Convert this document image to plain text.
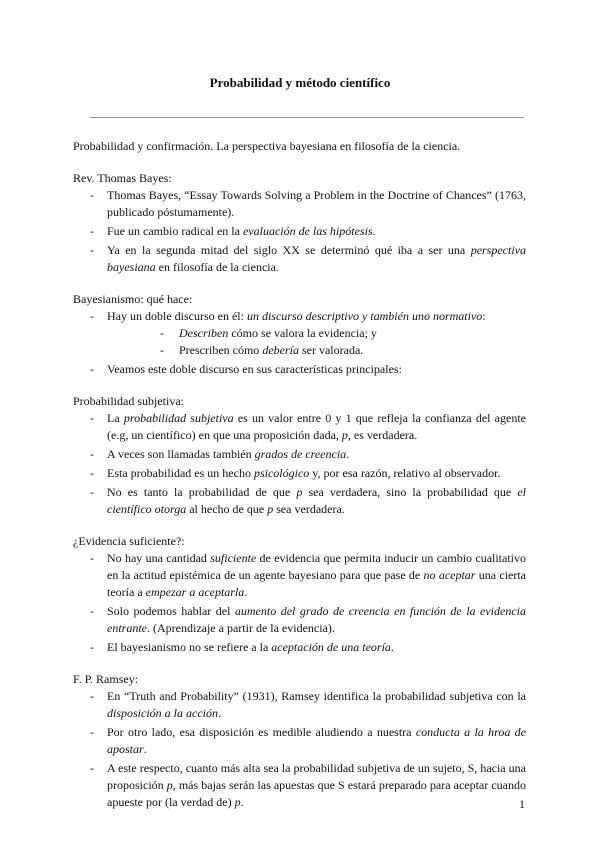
Probabilidad y método científico

Probabilidad y confirmación. La perspectiva bayesiana en filosofía de la ciencia.

Rev. Thomas Bayes:

- Thomas Bayes, “Essay Towards Solving a Problem in the Doctrine of Chances” (1763, publicado póstumamente).
- Fue un cambio radical en la evaluación de las hipótesis.
- Ya en la segunda mitad del siglo XX se determinó qué iba a ser una perspectiva bayesiana en filosofía de la ciencia.

Bayesianismo: qué hace:

- Hay un doble discurso en él: un discurso descriptivo y también uno normativo:
- Describen cómo se valora la evidencia; y
- Prescriben cómo debería ser valorada.
- Veamos este doble discurso en sus características principales:

Probabilidad subjetiva:

- La probabilidad subjetiva es un valor entre 0 y 1 que refleja la confianza del agente (e.g, un científico) en que una proposición dada, p, es verdadera.
- A veces son llamadas también grados de creencia.
- Esta probabilidad es un hecho psicológico y, por esa razón, relativo al observador.
- No es tanto la probabilidad de que p sea verdadera, sino la probabilidad que el científico otorga al hecho de que p sea verdadera.

¿Evidencia suficiente?:

- No hay una cantidad suficiente de evidencia que permita inducir un cambio cualitativo en la actitud epistémica de un agente bayesiano para que pase de no aceptar una cierta teoría a empezar a aceptarla.
- Solo podemos hablar del aumento del grado de creencia en función de la evidencia entrante. (Aprendizaje a partir de la evidencia).
- El bayesianismo no se refiere a la aceptación de una teoría.

F. P. Ramsey:

- En “Truth and Probability” (1931), Ramsey identifica la probabilidad subjetiva con la disposición a la acción.
- Por otro lado, esa disposición es medible aludiendo a nuestra conducta a la hroa de apostar.
- A este respecto, cuanto más alta sea la probabilidad subjetiva de un sujeto, S, hacia una proposición p, más bajas serán las apuestas que S estará preparado para aceptar cuando apueste por (la verdad de) p.	1
